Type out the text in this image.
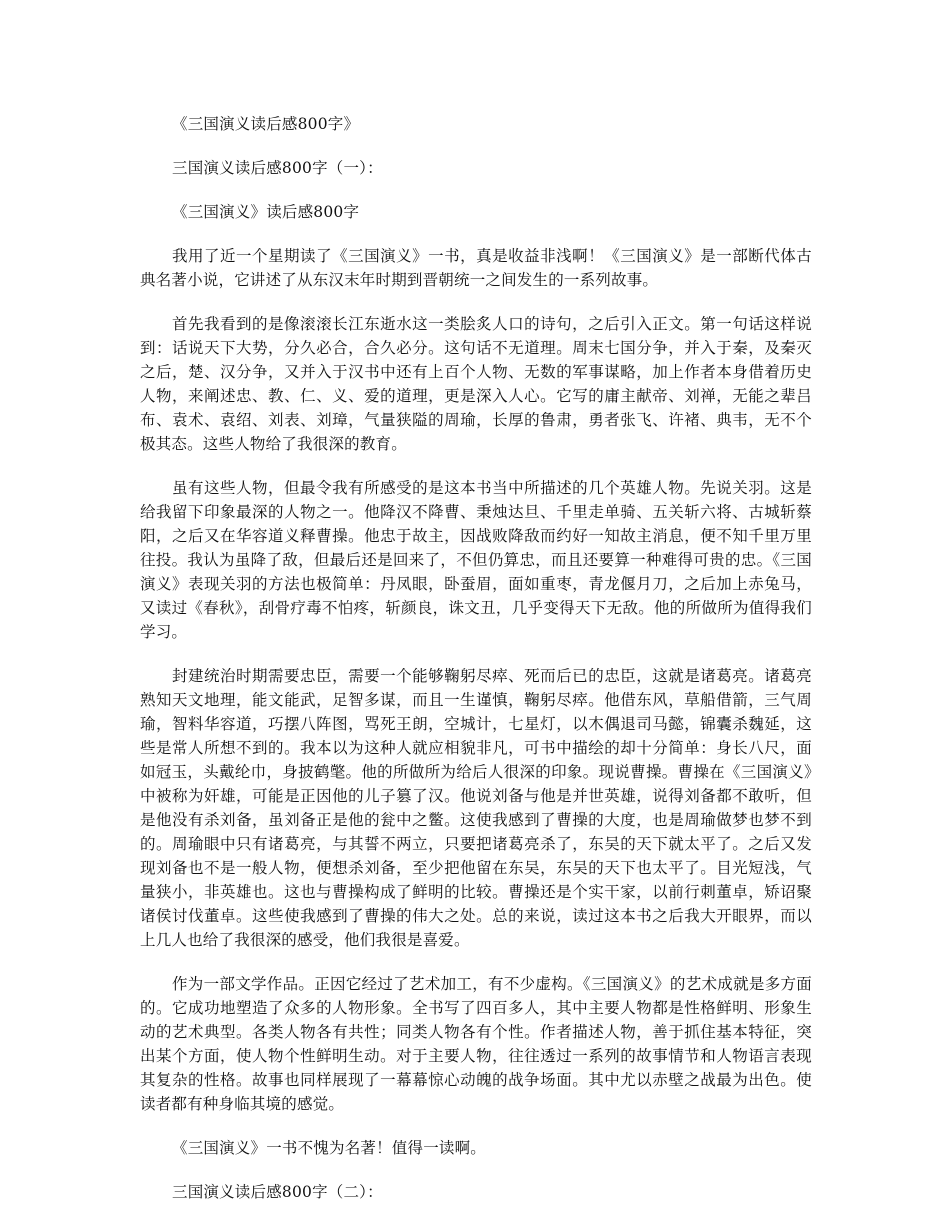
《三国演义读后感800字》

三国演义读后感800字（一）：

《三国演义》读后感800字

我用了近一个星期读了《三国演义》一书，真是收益非浅啊！《三国演义》是一部断代体古典名著小说，它讲述了从东汉末年时期到晋朝统一之间发生的一系列故事。

首先我看到的是像滚滚长江东逝水这一类脍炙人口的诗句，之后引入正文。第一句话这样说到：话说天下大势，分久必合，合久必分。这句话不无道理。周末七国分争，并入于秦，及秦灭之后，楚、汉分争，又并入于汉书中还有上百个人物、无数的军事谋略，加上作者本身借着历史人物，来阐述忠、教、仁、义、爱的道理，更是深入人心。它写的庸主献帝、刘禅，无能之辈吕布、袁术、袁绍、刘表、刘璋，气量狭隘的周瑜，长厚的鲁肃，勇者张飞、许褚、典韦，无不个极其态。这些人物给了我很深的教育。

虽有这些人物，但最令我有所感受的是这本书当中所描述的几个英雄人物。先说关羽。这是给我留下印象最深的人物之一。他降汉不降曹、秉烛达旦、千里走单骑、五关斩六将、古城斩蔡阳，之后又在华容道义释曹操。他忠于故主，因战败降敌而约好一知故主消息，便不知千里万里往投。我认为虽降了敌，但最后还是回来了，不但仍算忠，而且还要算一种难得可贵的忠。《三国演义》表现关羽的方法也极简单：丹凤眼，卧蚕眉，面如重枣，青龙偃月刀，之后加上赤兔马，又读过《春秋》，刮骨疗毒不怕疼，斩颜良，诛文丑，几乎变得天下无敌。他的所做所为值得我们学习。

封建统治时期需要忠臣，需要一个能够鞠躬尽瘁、死而后已的忠臣，这就是诸葛亮。诸葛亮熟知天文地理，能文能武，足智多谋，而且一生谨慎，鞠躬尽瘁。他借东风，草船借箭，三气周瑜，智料华容道，巧摆八阵图，骂死王朗，空城计，七星灯，以木偶退司马懿，锦囊杀魏延，这些是常人所想不到的。我本以为这种人就应相貌非凡，可书中描绘的却十分简单：身长八尺，面如冠玉，头戴纶巾，身披鹤氅。他的所做所为给后人很深的印象。现说曹操。曹操在《三国演义》中被称为奸雄，可能是正因他的儿子篡了汉。他说刘备与他是并世英雄，说得刘备都不敢听，但是他没有杀刘备，虽刘备正是他的瓮中之鳖。这使我感到了曹操的大度，也是周瑜做梦也梦不到的。周瑜眼中只有诸葛亮，与其誓不两立，只要把诸葛亮杀了，东吴的天下就太平了。之后又发现刘备也不是一般人物，便想杀刘备，至少把他留在东吴，东吴的天下也太平了。目光短浅，气量狭小，非英雄也。这也与曹操构成了鲜明的比较。曹操还是个实干家，以前行刺董卓，矫诏聚诸侯讨伐董卓。这些使我感到了曹操的伟大之处。总的来说，读过这本书之后我大开眼界，而以上几人也给了我很深的感受，他们我很是喜爱。

作为一部文学作品。正因它经过了艺术加工，有不少虚构。《三国演义》的艺术成就是多方面的。它成功地塑造了众多的人物形象。全书写了四百多人，其中主要人物都是性格鲜明、形象生动的艺术典型。各类人物各有共性；同类人物各有个性。作者描述人物，善于抓住基本特征，突出某个方面，使人物个性鲜明生动。对于主要人物，往往透过一系列的故事情节和人物语言表现其复杂的性格。故事也同样展现了一幕幕惊心动魄的战争场面。其中尤以赤壁之战最为出色。使读者都有种身临其境的感觉。

《三国演义》一书不愧为名著！值得一读啊。

三国演义读后感800字（二）：
